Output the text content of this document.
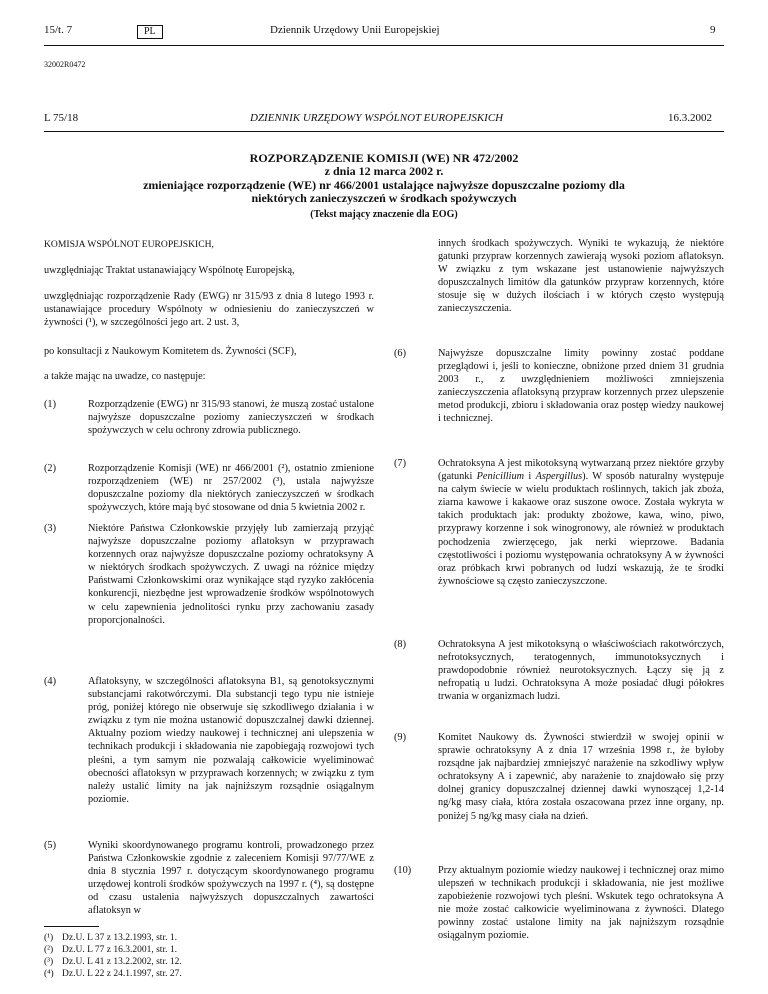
15/t. 7	PL	Dziennik Urzędowy Unii Europejskiej	9
32002R0472
L 75/18	DZIENNIK URZĘDOWY WSPÓLNOT EUROPEJSKICH	16.3.2002
ROZPORZĄDZENIE KOMISJI (WE) NR 472/2002
z dnia 12 marca 2002 r.
zmieniające rozporządzenie (WE) nr 466/2001 ustalające najwyższe dopuszczalne poziomy dla
niektórych zanieczyszczeń w środkach spożywczych
(Tekst mający znaczenie dla EOG)
KOMISJA WSPÓLNOT EUROPEJSKICH,
uwzględniając Traktat ustanawiający Wspólnotę Europejską,
uwzględniając rozporządzenie Rady (EWG) nr 315/93 z dnia 8 lutego 1993 r. ustanawiające procedury Wspólnoty w odniesieniu do zanieczyszczeń w żywności (¹), w szczególności jego art. 2 ust. 3,
po konsultacji z Naukowym Komitetem ds. Żywności (SCF),
a także mając na uwadze, co następuje:
(1)	Rozporządzenie (EWG) nr 315/93 stanowi, że muszą zostać ustalone najwyższe dopuszczalne poziomy zanieczyszczeń w środkach spożywczych w celu ochrony zdrowia publicznego.
(2)	Rozporządzenie Komisji (WE) nr 466/2001 (²), ostatnio zmienione rozporządzeniem (WE) nr 257/2002 (³), ustala najwyższe dopuszczalne poziomy dla niektórych zanieczyszczeń w środkach spożywczych, które mają być stosowane od dnia 5 kwietnia 2002 r.
(3)	Niektóre Państwa Członkowskie przyjęły lub zamierzają przyjąć najwyższe dopuszczalne poziomy aflatoksyn w przyprawach korzennych oraz najwyższe dopuszczalne poziomy ochratoksyny A w niektórych środkach spożywczych. Z uwagi na różnice między Państwami Członkowskimi oraz wynikające stąd ryzyko zakłócenia konkurencji, niezbędne jest wprowadzenie środków wspólnotowych w celu zapewnienia jednolitości rynku przy zachowaniu zasady proporcjonalności.
(4)	Aflatoksyny, w szczególności aflatoksyna B1, są genotoksycznymi substancjami rakotwórczymi. Dla substancji tego typu nie istnieje próg, poniżej którego nie obserwuje się szkodliwego działania i w związku z tym nie można ustanowić dopuszczalnej dawki dziennej. Aktualny poziom wiedzy naukowej i technicznej ani ulepszenia w technikach produkcji i składowania nie zapobiegają rozwojowi tych pleśni, a tym samym nie pozwalają całkowicie wyeliminować obecności aflatoksyn w przyprawach korzennych; w związku z tym należy ustalić limity na jak najniższym rozsądnie osiągalnym poziomie.
(5)	Wyniki skoordynowanego programu kontroli, prowadzonego przez Państwa Członkowskie zgodnie z zaleceniem Komisji 97/77/WE z dnia 8 stycznia 1997 r. dotyczącym skoordynowanego programu urzędowej kontroli środków spożywczych na 1997 r. (⁴), są dostępne od czasu ustalenia najwyższych dopuszczalnych zawartości aflatoksyn w
(¹) Dz.U. L 37 z 13.2.1993, str. 1.
(²) Dz.U. L 77 z 16.3.2001, str. 1.
(³) Dz.U. L 41 z 13.2.2002, str. 12.
(⁴) Dz.U. L 22 z 24.1.1997, str. 27.
innych środkach spożywczych. Wyniki te wykazują, że niektóre gatunki przypraw korzennych zawierają wysoki poziom aflatoksyn. W związku z tym wskazane jest ustanowienie najwyższych dopuszczalnych limitów dla gatunków przypraw korzennych, które stosuje się w dużych ilościach i w których często występują zanieczyszczenia.
(6)	Najwyższe dopuszczalne limity powinny zostać poddane przeglądowi i, jeśli to konieczne, obniżone przed dniem 31 grudnia 2003 r., z uwzględnieniem możliwości zmniejszenia zanieczyszczenia aflatoksyną przypraw korzennych przez ulepszenie metod produkcji, zbioru i składowania oraz postęp wiedzy naukowej i technicznej.
(7)	Ochratoksyna A jest mikotoksyną wytwarzaną przez niektóre grzyby (gatunki Penicillium i Aspergillus). W sposób naturalny występuje na całym świecie w wielu produktach roślinnych, takich jak zboża, ziarna kawowe i kakaowe oraz suszone owoce. Została wykryta w takich produktach jak: produkty zbożowe, kawa, wino, piwo, przyprawy korzenne i sok winogronowy, ale również w produktach pochodzenia zwierzęcego, jak nerki wieprzowe. Badania częstotliwości i poziomu występowania ochratoksyny A w żywności oraz próbkach krwi pobranych od ludzi wskazują, że te środki żywnościowe są często zanieczyszczone.
(8)	Ochratoksyna A jest mikotoksyną o właściwościach rakotwórczych, nefrotoksycznych, teratogennych, immunotoksycznych i prawdopodobnie również neurotoksycznych. Łączy się ją z nefropatią u ludzi. Ochratoksyna A może posiadać długi półokres trwania w organizmach ludzi.
(9)	Komitet Naukowy ds. Żywności stwierdził w swojej opinii w sprawie ochratoksyny A z dnia 17 września 1998 r., że byłoby rozsądne jak najbardziej zmniejszyć narażenie na szkodliwy wpływ ochratoksyny A i zapewnić, aby narażenie to znajdowało się przy dolnej granicy dopuszczalnej dziennej dawki wynoszącej 1,2-14 ng/kg masy ciała, która została oszacowana przez inne organy, np. poniżej 5 ng/kg masy ciała na dzień.
(10)	Przy aktualnym poziomie wiedzy naukowej i technicznej oraz mimo ulepszeń w technikach produkcji i składowania, nie jest możliwe zapobieżenie rozwojowi tych pleśni. Wskutek tego ochratoksyna A nie może zostać całkowicie wyeliminowana z żywności. Dlatego powinny zostać ustalone limity na jak najniższym rozsądnie osiągalnym poziomie.
